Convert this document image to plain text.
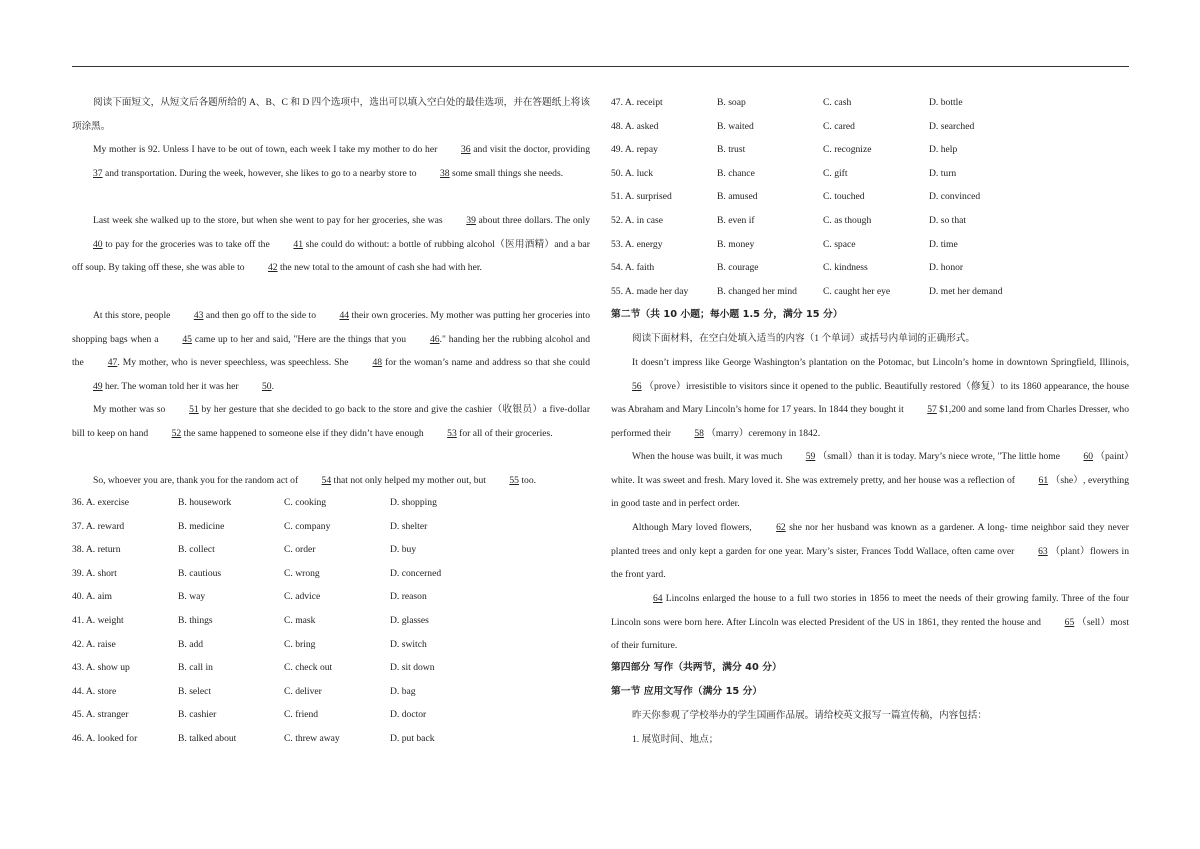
阅读下面短文，从短文后各题所给的 A、B、C 和 D 四个选项中，选出可以填入空白处的最佳选项，并在答题纸上将该项涂黑。

My mother is 92. Unless I have to be out of town, each week I take my mother to do her 36 and visit the doctor, providing 37 and transportation. During the week, however, she likes to go to a nearby store to 38 some small things she needs.

Last week she walked up to the store, but when she went to pay for her groceries, she was 39 about three dollars. The only 40 to pay for the groceries was to take off the 41 she could do without: a bottle of rubbing alcohol（医用酒精）and a bar off soup. By taking off these, she was able to 42 the new total to the amount of cash she had with her.

At this store, people 43 and then go off to the side to 44 their own groceries. My mother was putting her groceries into shopping bags when a 45 came up to her and said, "Here are the things that you 46." handing her the rubbing alcohol and the 47. My mother, who is never speechless, was speechless. She 48 for the woman’s name and address so that she could 49 her. The woman told her it was her 50.

My mother was so 51 by her gesture that she decided to go back to the store and give the cashier（收银员）a five-dollar bill to keep on hand 52 the same happened to someone else if they didn’t have enough 53 for all of their groceries.

So, whoever you are, thank you for the random act of 54 that not only helped my mother out, but 55 too.

36. A. exercise	B. housework	C. cooking	D. shopping
37. A. reward	B. medicine	C. company	D. shelter
38. A. return	B. collect	C. order	D. buy
39. A. short	B. cautious	C. wrong	D. concerned
40. A. aim	B. way	C. advice	D. reason
41. A. weight	B. things	C. mask	D. glasses
42. A. raise	B. add	C. bring	D. switch
43. A. show up	B. call in	C. check out	D. sit down
44. A. store	B. select	C. deliver	D. bag
45. A. stranger	B. cashier	C. friend	D. doctor
46. A. looked for	B. talked about	C. threw away	D. put back
47. A. receipt	B. soap	C. cash	D. bottle
48. A. asked	B. waited	C. cared	D. searched
49. A. repay	B. trust	C. recognize	D. help
50. A. luck	B. chance	C. gift	D. turn
51. A. surprised	B. amused	C. touched	D. convinced
52. A. in case	B. even if	C. as though	D. so that
53. A. energy	B. money	C. space	D. time
54. A. faith	B. courage	C. kindness	D. honor
55. A. made her day	B. changed her mind	C. caught her eye	D. met her demand
第二节（共 10 小题；每小题 1.5 分，满分 15 分）

阅读下面材料，在空白处填入适当的内容（1 个单词）或括号内单词的正确形式。

It doesn’t impress like George Washington’s plantation on the Potomac, but Lincoln’s home in downtown Springfield, Illinois, 56 （prove）irresistible to visitors since it opened to the public. Beautifully restored（修复）to its 1860 appearance, the house was Abraham and Mary Lincoln’s home for 17 years. In 1844 they bought it 57 $1,200 and some land from Charles Dresser, who performed their 58 （marry）ceremony in 1842.

When the house was built, it was much 59 （small）than it is today. Mary’s niece wrote, "The little home 60 （paint）white. It was sweet and fresh. Mary loved it. She was extremely pretty, and her house was a reflection of 61 （she）, everything in good taste and in perfect order.

Although Mary loved flowers, 62 she nor her husband was known as a gardener. A long- time neighbor said they never planted trees and only kept a garden for one year. Mary’s sister, Frances Todd Wallace, often came over 63 （plant）flowers in the front yard.

64 Lincolns enlarged the house to a full two stories in 1856 to meet the needs of their growing family. Three of the four Lincoln sons were born here. After Lincoln was elected President of the US in 1861, they rented the house and 65 （sell）most of their furniture.

第四部分 写作（共两节，满分 40 分）
第一节 应用文写作（满分 15 分）

昨天你参观了学校举办的学生国画作品展。请给校英文报写一篇宣传稿，内容包括：

1. 展览时间、地点；
